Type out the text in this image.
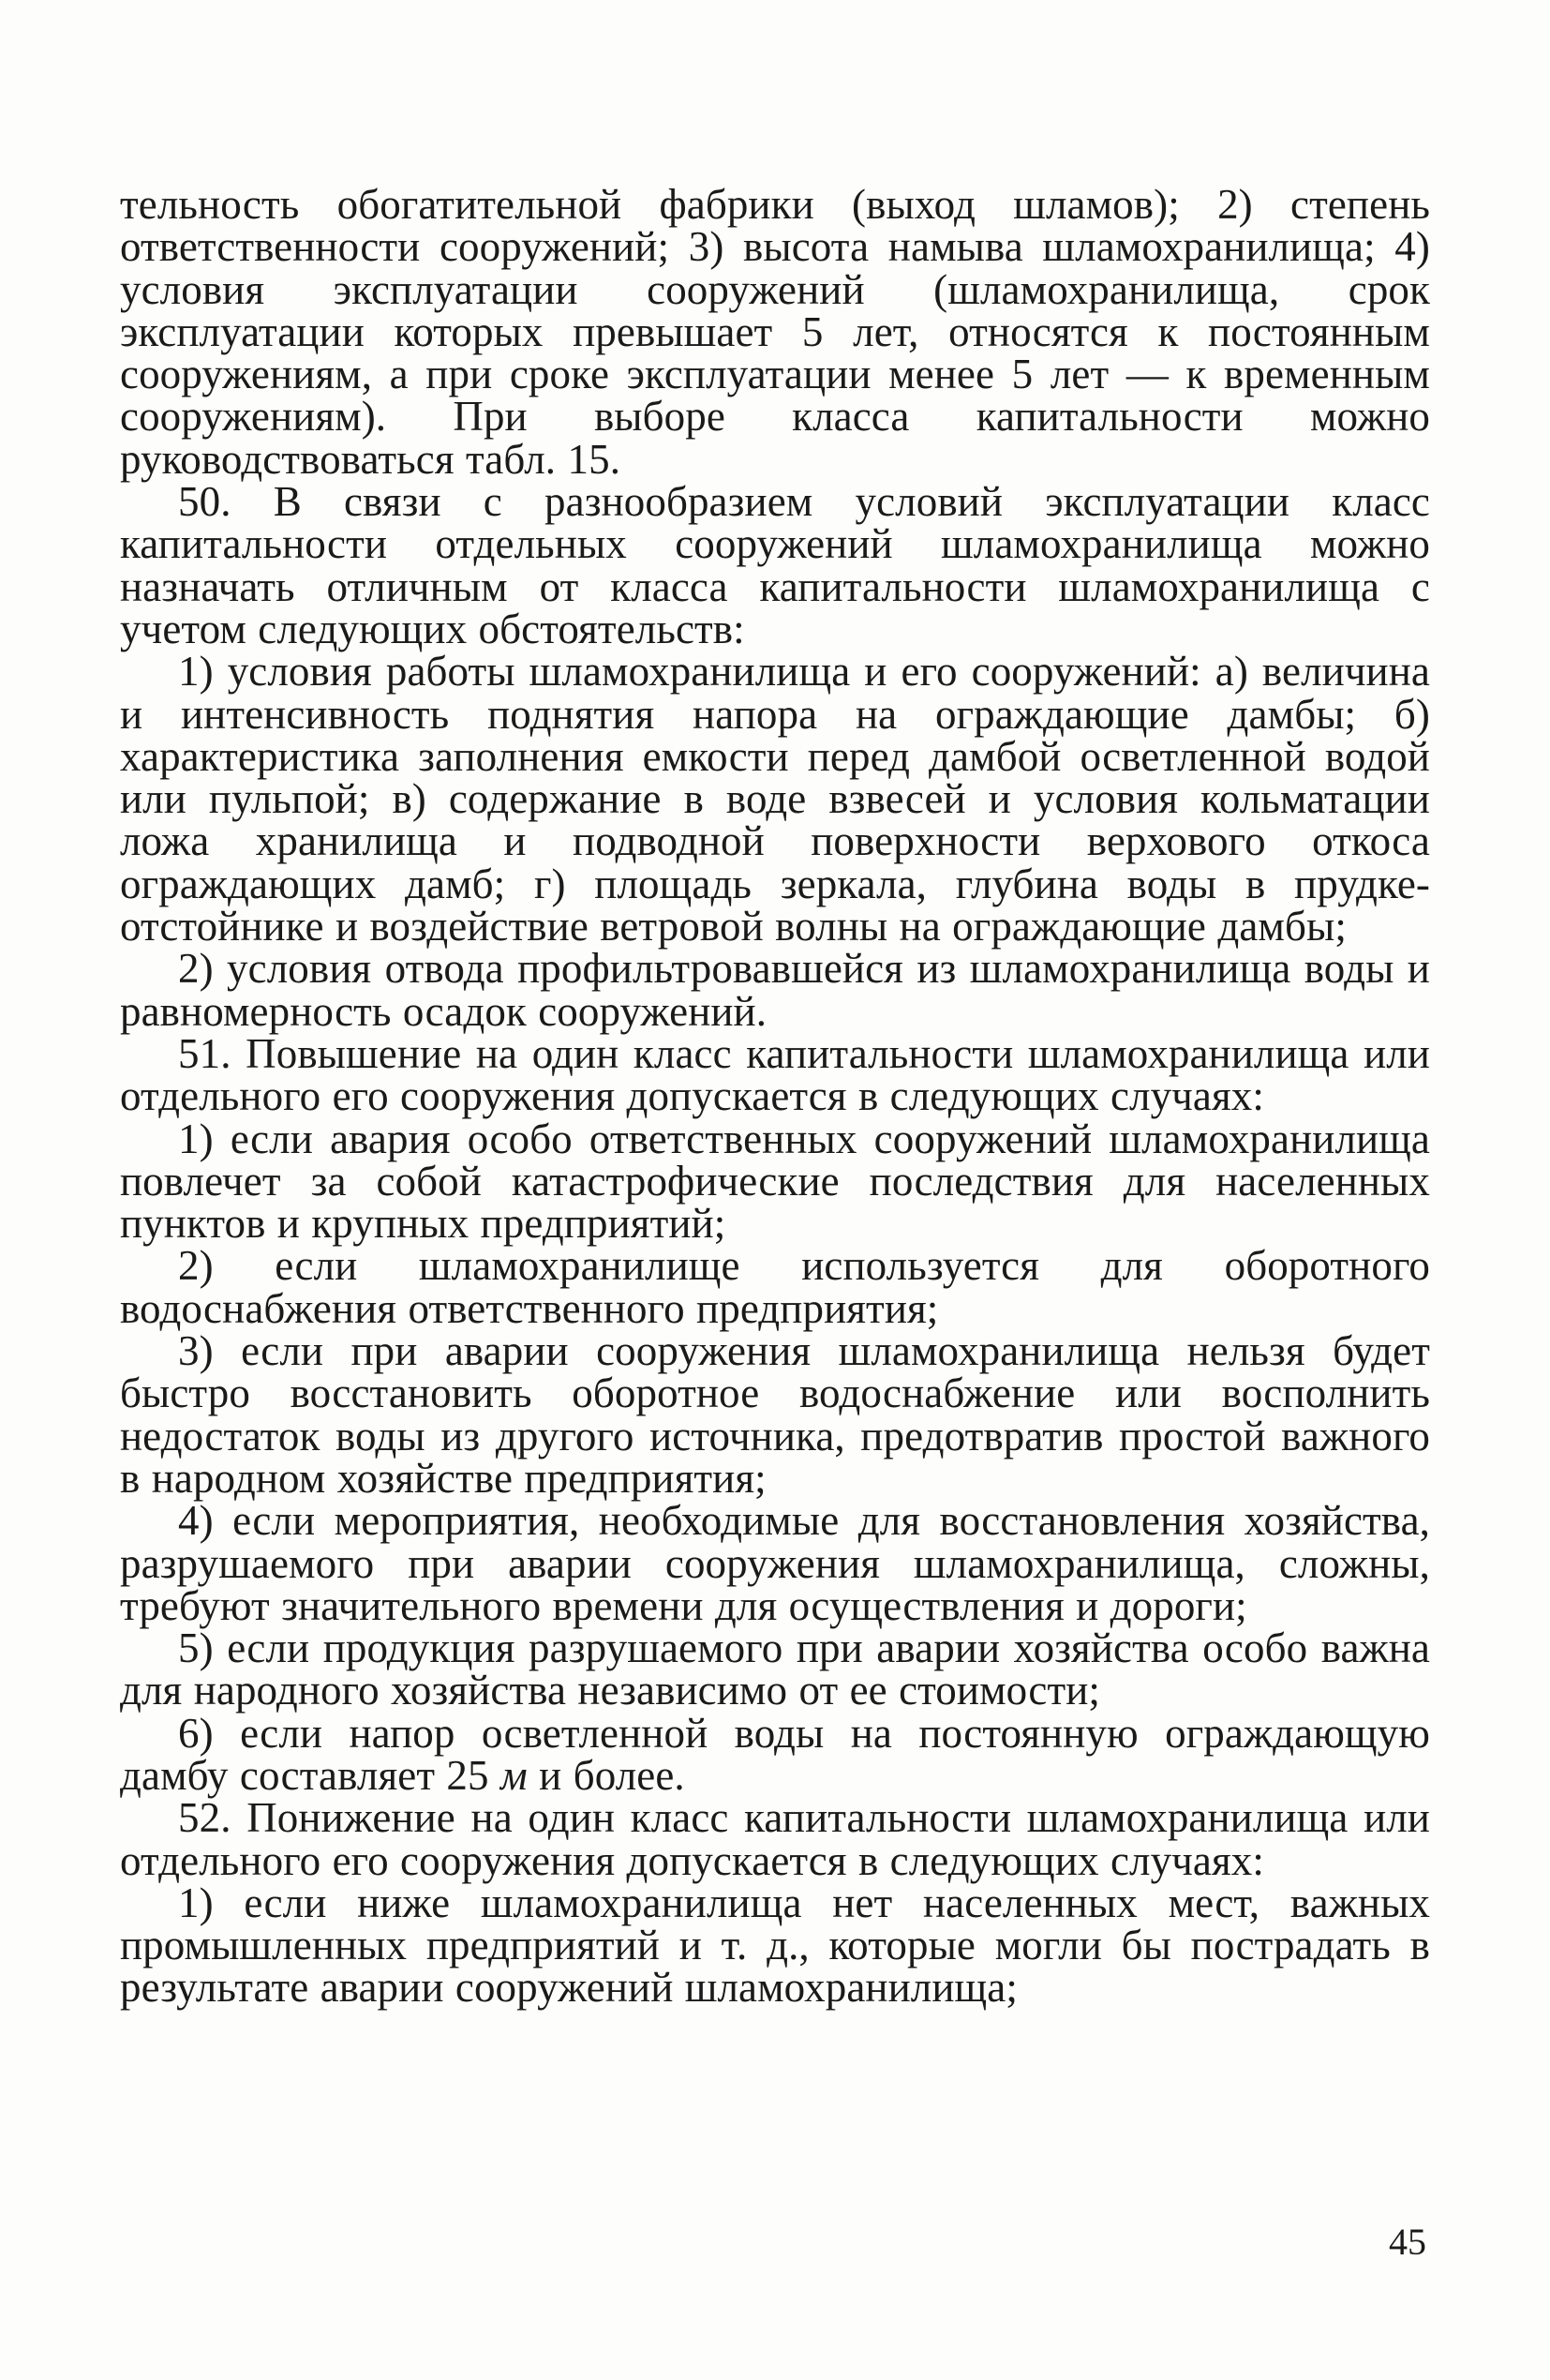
тельность обогатительной фабрики (выход шламов); 2) степень ответственности сооружений; 3) высота намыва шламохранилища; 4) условия эксплуатации сооружений (шламохранилища, срок эксплуатации которых превышает 5 лет, относятся к постоянным сооружениям, а при сроке эксплуатации менее 5 лет — к временным сооружениям). При выборе класса капитальности можно руководствоваться табл. 15.

50. В связи с разнообразием условий эксплуатации класс капитальности отдельных сооружений шламохранилища можно назначать отличным от класса капитальности шламохранилища с учетом следующих обстоятельств:

1) условия работы шламохранилища и его сооружений: а) величина и интенсивность поднятия напора на ограждающие дамбы; б) характеристика заполнения емкости перед дамбой осветленной водой или пульпой; в) содержание в воде взвесей и условия кольматации ложа хранилища и подводной поверхности верхового откоса ограждающих дамб; г) площадь зеркала, глубина воды в прудке-отстойнике и воздействие ветровой волны на ограждающие дамбы;

2) условия отвода профильтровавшейся из шламохранилища воды и равномерность осадок сооружений.

51. Повышение на один класс капитальности шламохранилища или отдельного его сооружения допускается в следующих случаях:

1) если авария особо ответственных сооружений шламохранилища повлечет за собой катастрофические последствия для населенных пунктов и крупных предприятий;

2) если шламохранилище используется для оборотного водоснабжения ответственного предприятия;

3) если при аварии сооружения шламохранилища нельзя будет быстро восстановить оборотное водоснабжение или восполнить недостаток воды из другого источника, предотвратив простой важного в народном хозяйстве предприятия;

4) если мероприятия, необходимые для восстановления хозяйства, разрушаемого при аварии сооружения шламохранилища, сложны, требуют значительного времени для осуществления и дороги;

5) если продукция разрушаемого при аварии хозяйства особо важна для народного хозяйства независимо от ее стоимости;

6) если напор осветленной воды на постоянную ограждающую дамбу составляет 25 м и более.

52. Понижение на один класс капитальности шламохранилища или отдельного его сооружения допускается в следующих случаях:

1) если ниже шламохранилища нет населенных мест, важных промышленных предприятий и т. д., которые могли бы пострадать в результате аварии сооружений шламохранилища;

45
